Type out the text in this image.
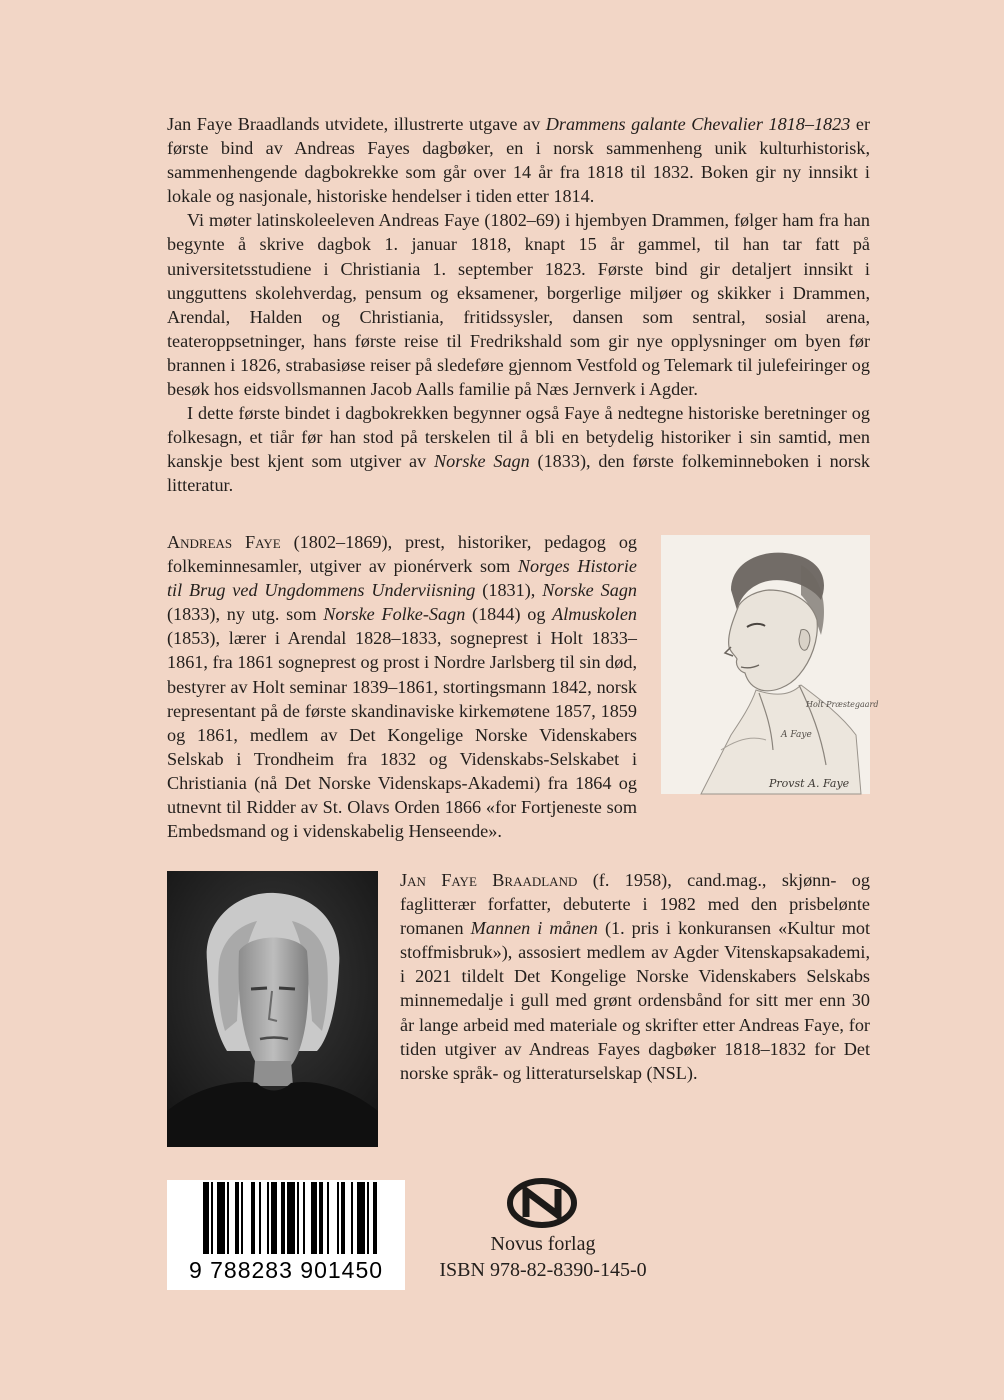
Jan Faye Braadlands utvidete, illustrerte utgave av Drammens galante Chevalier 1818–1823 er første bind av Andreas Fayes dagbøker, en i norsk sammenheng unik kulturhistorisk, sammenhengende dagbokrekke som går over 14 år fra 1818 til 1832. Boken gir ny innsikt i lokale og nasjonale, historiske hendelser i tiden etter 1814.

Vi møter latinskoleeleven Andreas Faye (1802–69) i hjembyen Drammen, følger ham fra han begynte å skrive dagbok 1. januar 1818, knapt 15 år gammel, til han tar fatt på universitetsstudiene i Christiania 1. september 1823. Første bind gir detaljert innsikt i ungguttens skolehverdag, pensum og eksamener, borgerlige miljøer og skikker i Drammen, Arendal, Halden og Christiania, fritidssysler, dansen som sentral, sosial arena, teateroppsetninger, hans første reise til Fredrikshald som gir nye opplysninger om byen før brannen i 1826, strabasiøse reiser på sledeføre gjennom Vestfold og Telemark til julefeiringer og besøk hos eidsvollsmannen Jacob Aalls familie på Næs Jernverk i Agder.

I dette første bindet i dagbokrekken begynner også Faye å nedtegne historiske beretninger og folkesagn, et tiår før han stod på terskelen til å bli en betydelig historiker i sin samtid, men kanskje best kjent som utgiver av Norske Sagn (1833), den første folkeminneboken i norsk litteratur.

Andreas Faye (1802–1869), prest, historiker, pedagog og folkeminnesamler, utgiver av pionérverk som Norges Historie til Brug ved Ungdommens Underviisning (1831), Norske Sagn (1833), ny utg. som Norske Folke-Sagn (1844) og Almuskolen (1853), lærer i Arendal 1828–1833, sogneprest i Holt 1833–1861, fra 1861 sogneprest og prost i Nordre Jarlsberg til sin død, bestyrer av Holt seminar 1839–1861, stortingsmann 1842, norsk representant på de første skandinaviske kirkemøtene 1857, 1859 og 1861, medlem av Det Kongelige Norske Videnskabers Selskab i Trondheim fra 1832 og Videnskabs-Selskabet i Christiania (nå Det Norske Videnskaps-Akademi) fra 1864 og utnevnt til Ridder av St. Olavs Orden 1866 «for Fortjeneste som Embedsmand og i videnskabelig Henseende».

Holt Præstegaard
A Faye
Provst A. Faye

Jan Faye Braadland (f. 1958), cand.mag., skjønn- og faglitterær forfatter, debuterte i 1982 med den prisbelønte romanen Mannen i månen (1. pris i konkuransen «Kultur mot stoffmisbruk»), assosiert medlem av Agder Vitenskapsakademi, i 2021 tildelt Det Kongelige Norske Videnskabers Selskabs minnemedalje i gull med grønt ordensbånd for sitt mer enn 30 år lange arbeid med materiale og skrifter etter Andreas Faye, for tiden utgiver av Andreas Fayes dagbøker 1818–1832 for Det norske språk- og litteraturselskap (NSL).

9 788283 901450
Novus forlag
ISBN 978-82-8390-145-0
